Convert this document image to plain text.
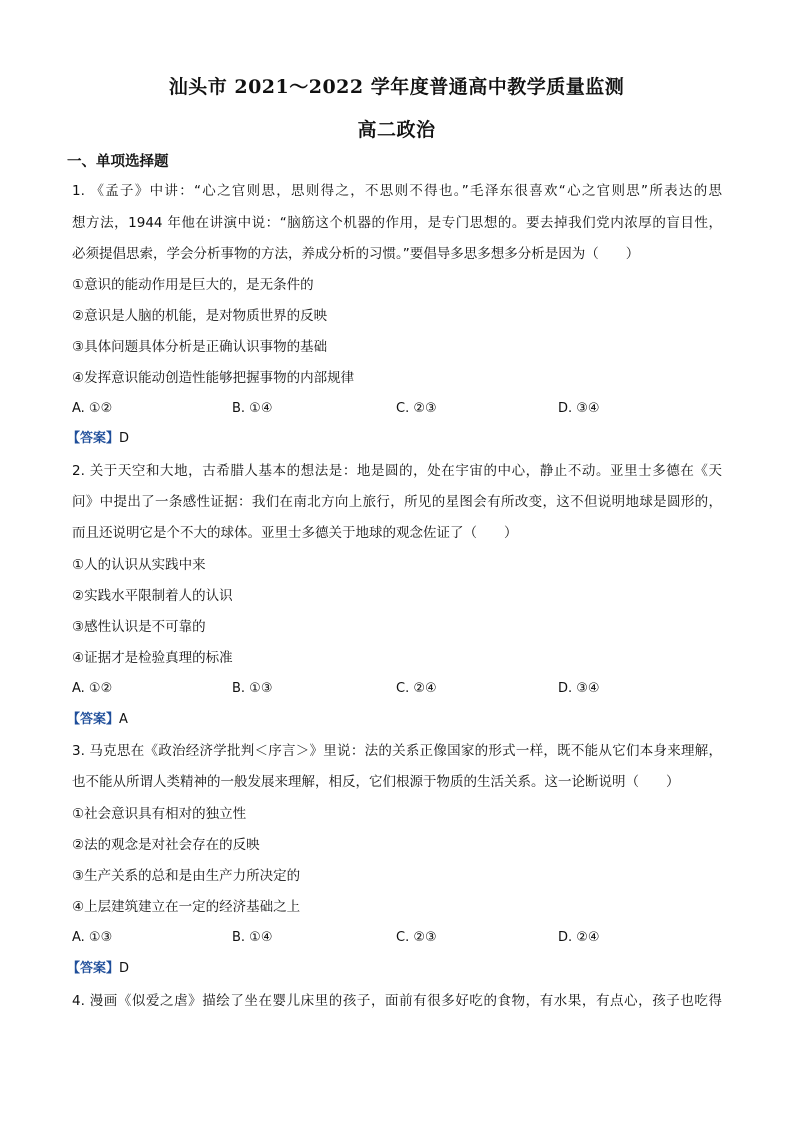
汕头市 2021～2022 学年度普通高中教学质量监测
高二政治
一、单项选择题
1. 《孟子》中讲：“心之官则思，思则得之，不思则不得也。”毛泽东很喜欢“心之官则思”所表达的思
想方法，1944 年他在讲演中说：“脑筋这个机器的作用，是专门思想的。要去掉我们党内浓厚的盲目性，
必须提倡思索，学会分析事物的方法，养成分析的习惯。”要倡导多思多想多分析是因为（　　）
①意识的能动作用是巨大的，是无条件的
②意识是人脑的机能，是对物质世界的反映
③具体问题具体分析是正确认识事物的基础
④发挥意识能动创造性能够把握事物的内部规律
A. ①②	B. ①④	C. ②③	D. ③④
【答案】D
2. 关于天空和大地，古希腊人基本的想法是：地是圆的，处在宇宙的中心，静止不动。亚里士多德在《天
问》中提出了一条感性证据：我们在南北方向上旅行，所见的星图会有所改变，这不但说明地球是圆形的，
而且还说明它是个不大的球体。亚里士多德关于地球的观念佐证了（　　）
①人的认识从实践中来
②实践水平限制着人的认识
③感性认识是不可靠的
④证据才是检验真理的标准
A. ①②	B. ①③	C. ②④	D. ③④
【答案】A
3. 马克思在《政治经济学批判＜序言＞》里说：法的关系正像国家的形式一样，既不能从它们本身来理解，
也不能从所谓人类精神的一般发展来理解，相反，它们根源于物质的生活关系。这一论断说明（　　）
①社会意识具有相对的独立性
②法的观念是对社会存在的反映
③生产关系的总和是由生产力所决定的
④上层建筑建立在一定的经济基础之上
A. ①③	B. ①④	C. ②③	D. ②④
【答案】D
4. 漫画《似爱之虐》描绘了坐在婴儿床里的孩子，面前有很多好吃的食物，有水果，有点心，孩子也吃得
